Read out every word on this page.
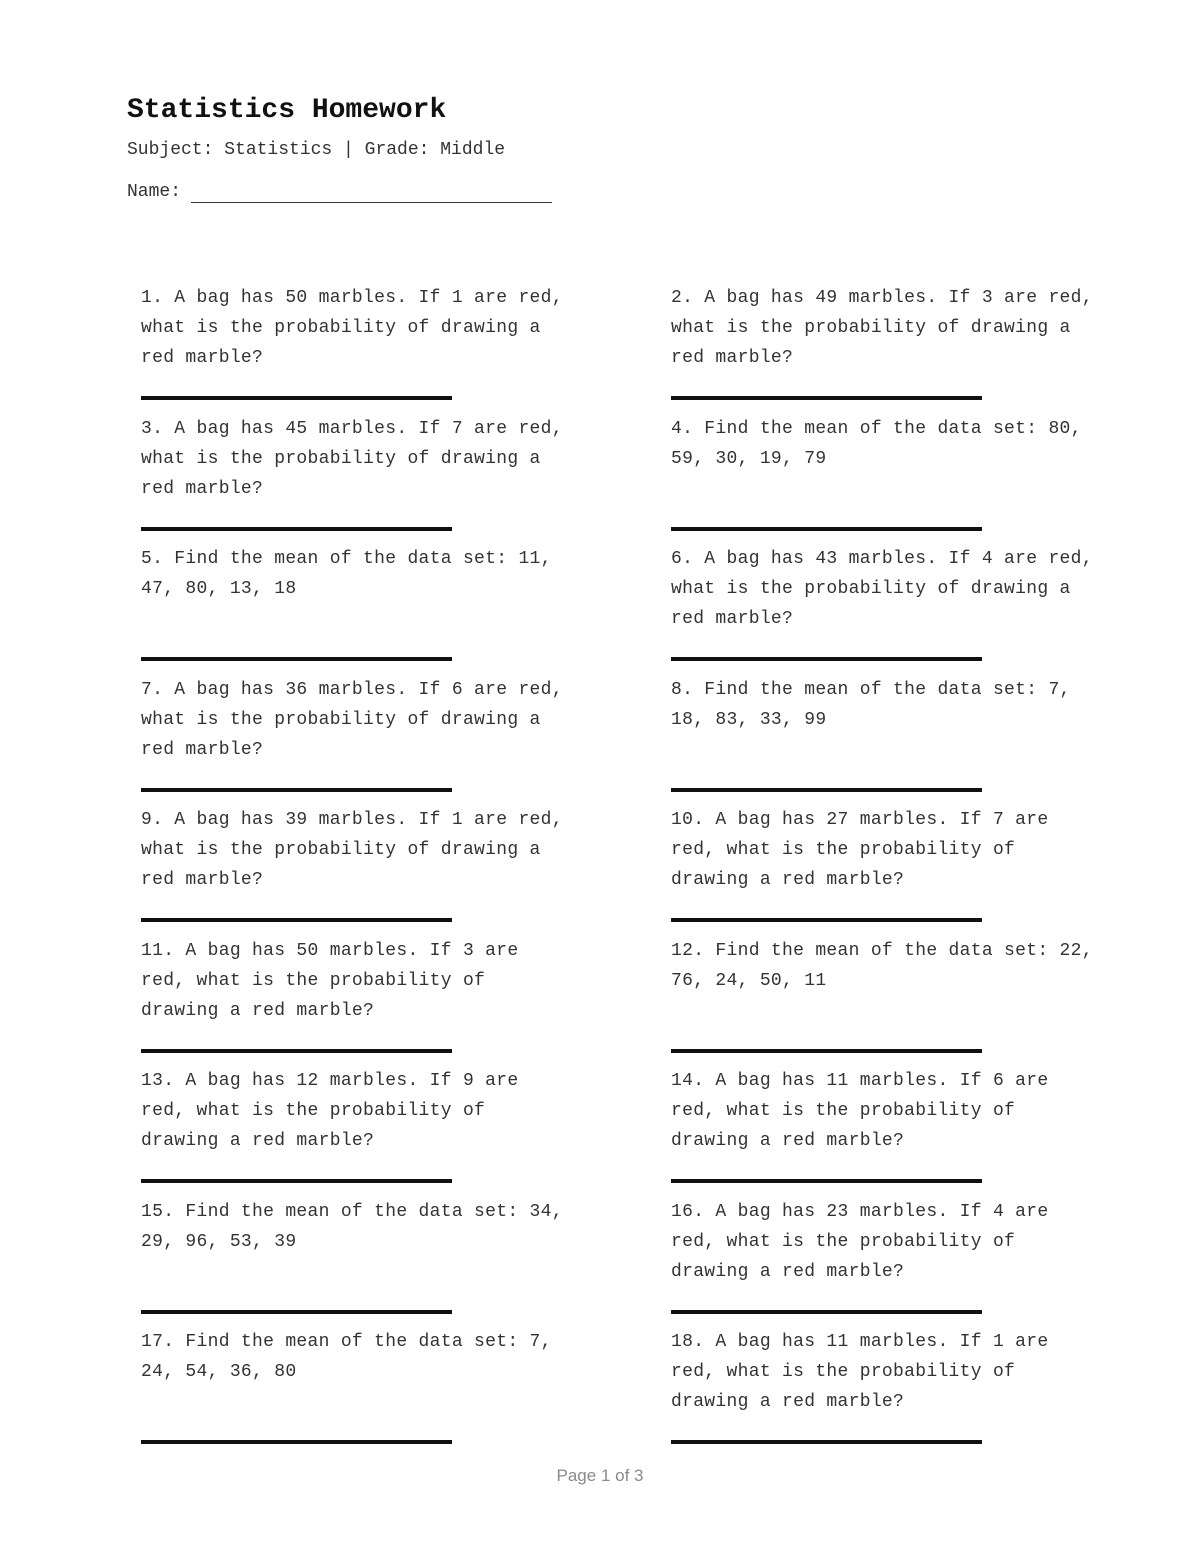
Statistics Homework
Subject: Statistics | Grade: Middle
Name:

1. A bag has 50 marbles. If 1 are red, what is the probability of drawing a red marble?

2. A bag has 49 marbles. If 3 are red, what is the probability of drawing a red marble?

3. A bag has 45 marbles. If 7 are red, what is the probability of drawing a red marble?

4. Find the mean of the data set: 80, 59, 30, 19, 79

5. Find the mean of the data set: 11, 47, 80, 13, 18

6. A bag has 43 marbles. If 4 are red, what is the probability of drawing a red marble?

7. A bag has 36 marbles. If 6 are red, what is the probability of drawing a red marble?

8. Find the mean of the data set: 7, 18, 83, 33, 99

9. A bag has 39 marbles. If 1 are red, what is the probability of drawing a red marble?

10. A bag has 27 marbles. If 7 are red, what is the probability of drawing a red marble?

11. A bag has 50 marbles. If 3 are red, what is the probability of drawing a red marble?

12. Find the mean of the data set: 22, 76, 24, 50, 11

13. A bag has 12 marbles. If 9 are red, what is the probability of drawing a red marble?

14. A bag has 11 marbles. If 6 are red, what is the probability of drawing a red marble?

15. Find the mean of the data set: 34, 29, 96, 53, 39

16. A bag has 23 marbles. If 4 are red, what is the probability of drawing a red marble?

17. Find the mean of the data set: 7, 24, 54, 36, 80

18. A bag has 11 marbles. If 1 are red, what is the probability of drawing a red marble?

Page 1 of 3
